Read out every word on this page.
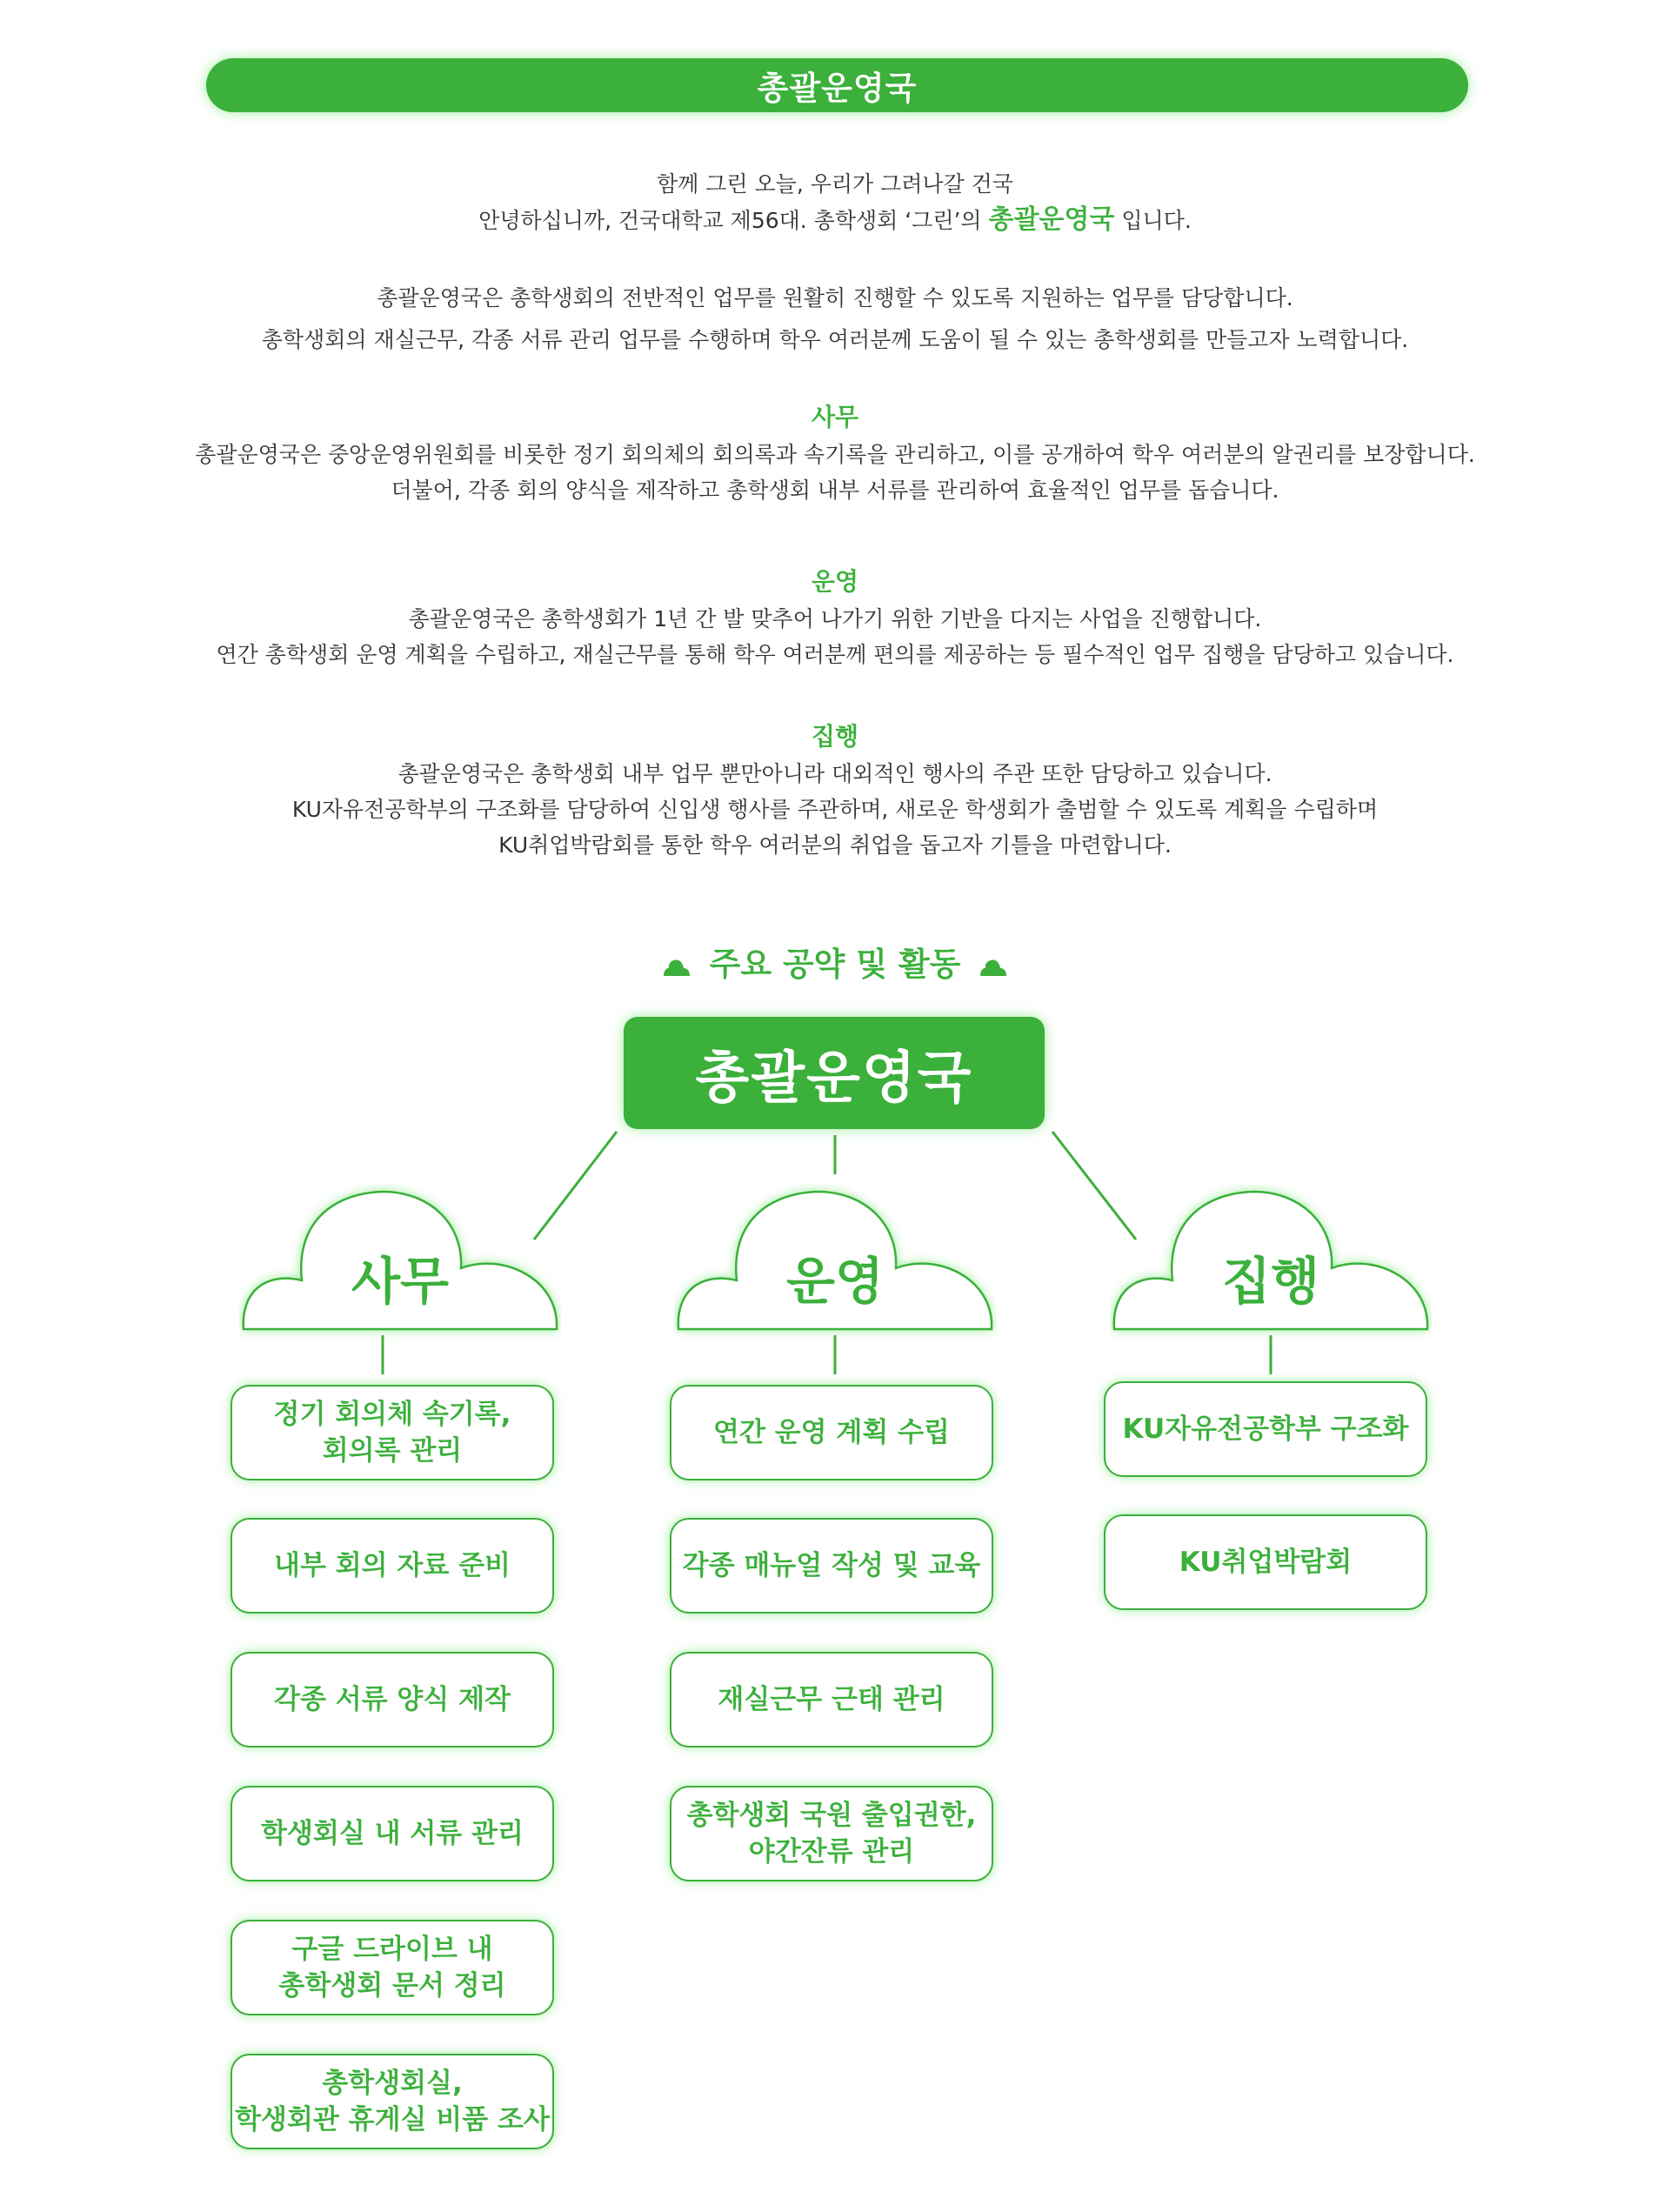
총괄운영국

함께 그린 오늘, 우리가 그려나갈 건국

안녕하십니까, 건국대학교 제56대. 총학생회 ‘그린’의 총괄운영국 입니다.

총괄운영국은 총학생회의 전반적인 업무를 원활히 진행할 수 있도록 지원하는 업무를 담당합니다.

총학생회의 재실근무, 각종 서류 관리 업무를 수행하며 학우 여러분께 도움이 될 수 있는 총학생회를 만들고자 노력합니다.

사무

총괄운영국은 중앙운영위원회를 비롯한 정기 회의체의 회의록과 속기록을 관리하고, 이를 공개하여 학우 여러분의 알권리를 보장합니다.

더불어, 각종 회의 양식을 제작하고 총학생회 내부 서류를 관리하여 효율적인 업무를 돕습니다.

운영

총괄운영국은 총학생회가 1년 간 발 맞추어 나가기 위한 기반을 다지는 사업을 진행합니다.

연간 총학생회 운영 계획을 수립하고, 재실근무를 통해 학우 여러분께 편의를 제공하는 등 필수적인 업무 집행을 담당하고 있습니다.

집행

총괄운영국은 총학생회 내부 업무 뿐만아니라 대외적인 행사의 주관 또한 담당하고 있습니다.

KU자유전공학부의 구조화를 담당하여 신입생 행사를 주관하며, 새로운 학생회가 출범할 수 있도록 계획을 수립하며

KU취업박람회를 통한 학우 여러분의 취업을 돕고자 기틀을 마련합니다.

주요 공약 및 활동
총괄운영국
사무	운영	집행
정기 회의체 속기록,
회의록 관리
내부 회의 자료 준비
각종 서류 양식 제작
학생회실 내 서류 관리
구글 드라이브 내
총학생회 문서 정리
총학생회실,
학생회관 휴게실 비품 조사
연간 운영 계획 수립
각종 매뉴얼 작성 및 교육
재실근무 근태 관리
총학생회 국원 출입권한,
야간잔류 관리
KU자유전공학부 구조화
KU취업박람회
